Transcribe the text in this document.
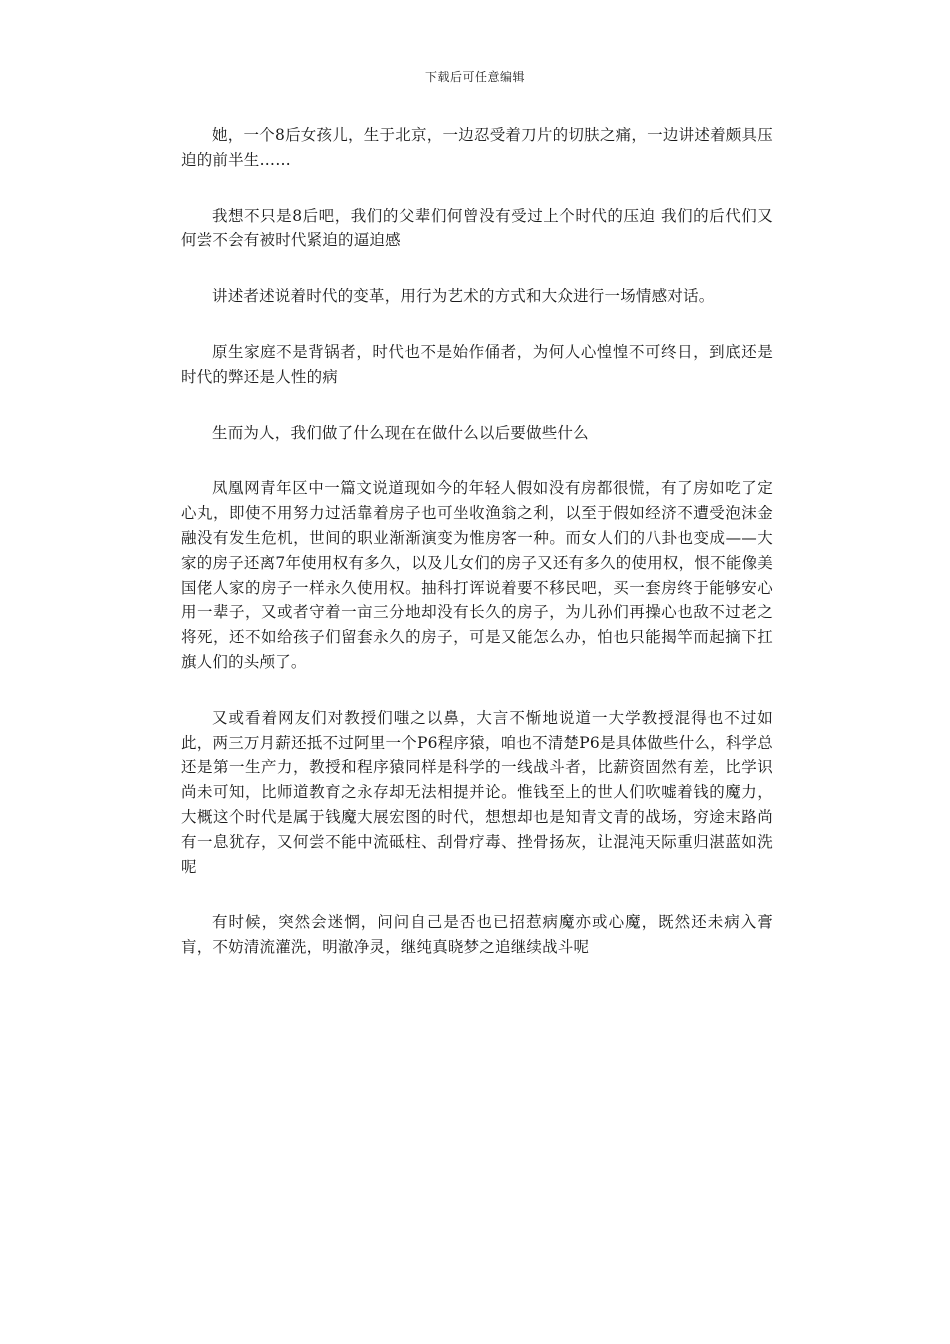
下载后可任意编辑

她，一个8后女孩儿，生于北京，一边忍受着刀片的切肤之痛，一边讲述着颇具压迫的前半生……

我想不只是8后吧，我们的父辈们何曾没有受过上个时代的压迫 我们的后代们又何尝不会有被时代紧迫的逼迫感

讲述者述说着时代的变革，用行为艺术的方式和大众进行一场情感对话。

原生家庭不是背锅者，时代也不是始作俑者，为何人心惶惶不可终日，到底还是时代的弊还是人性的病

生而为人，我们做了什么现在在做什么以后要做些什么

凤凰网青年区中一篇文说道现如今的年轻人假如没有房都很慌，有了房如吃了定心丸，即使不用努力过活靠着房子也可坐收渔翁之利，以至于假如经济不遭受泡沫金融没有发生危机，世间的职业渐渐演变为惟房客一种。而女人们的八卦也变成——大家的房子还离7年使用权有多久，以及儿女们的房子又还有多久的使用权，恨不能像美国佬人家的房子一样永久使用权。抽科打诨说着要不移民吧，买一套房终于能够安心用一辈子，又或者守着一亩三分地却没有长久的房子，为儿孙们再操心也敌不过老之将死，还不如给孩子们留套永久的房子，可是又能怎么办，怕也只能揭竿而起摘下扛旗人们的头颅了。

又或看着网友们对教授们嗤之以鼻，大言不惭地说道一大学教授混得也不过如此，两三万月薪还抵不过阿里一个P6程序猿，咱也不清楚P6是具体做些什么，科学总还是第一生产力，教授和程序猿同样是科学的一线战斗者，比薪资固然有差，比学识尚未可知，比师道教育之永存却无法相提并论。惟钱至上的世人们吹嘘着钱的魔力，大概这个时代是属于钱魔大展宏图的时代，想想却也是知青文青的战场，穷途末路尚有一息犹存，又何尝不能中流砥柱、刮骨疗毒、挫骨扬灰，让混沌天际重归湛蓝如洗呢

有时候，突然会迷惘，问问自己是否也已招惹病魔亦或心魔，既然还未病入膏肓，不妨清流灌洗，明澈净灵，继纯真晓梦之追继续战斗呢
